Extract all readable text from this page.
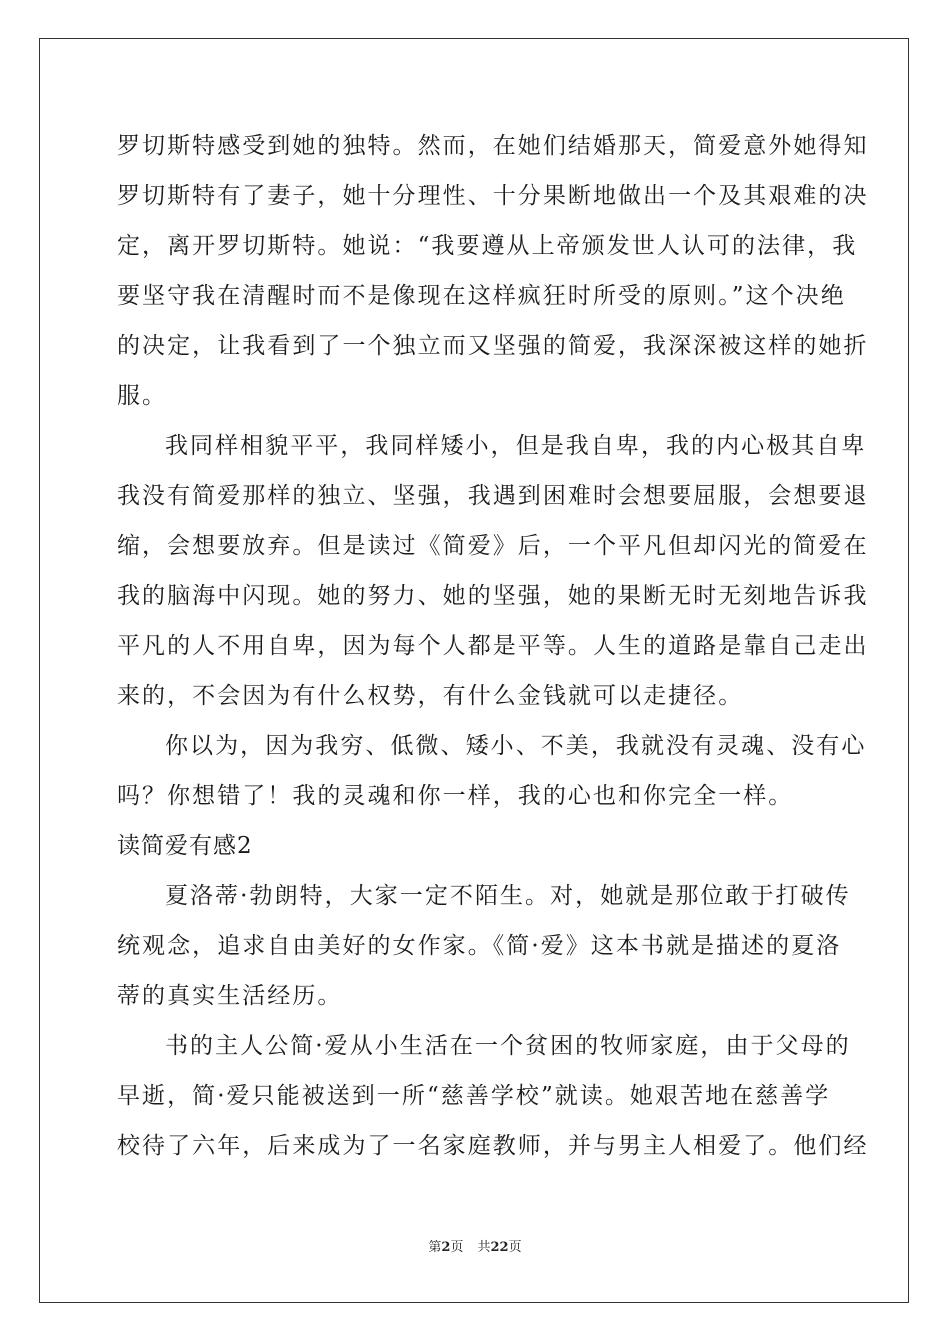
罗切斯特感受到她的独特。然而，在她们结婚那天，简爱意外她得知
罗切斯特有了妻子，她十分理性、十分果断地做出一个及其艰难的决
定，离开罗切斯特。她说：“我要遵从上帝颁发世人认可的法律，我
要坚守我在清醒时而不是像现在这样疯狂时所受的原则。”这个决绝
的决定，让我看到了一个独立而又坚强的简爱，我深深被这样的她折
服。
我同样相貌平平，我同样矮小，但是我自卑，我的内心极其自卑
我没有简爱那样的独立、坚强，我遇到困难时会想要屈服，会想要退
缩，会想要放弃。但是读过《简爱》后，一个平凡但却闪光的简爱在
我的脑海中闪现。她的努力、她的坚强，她的果断无时无刻地告诉我
平凡的人不用自卑，因为每个人都是平等。人生的道路是靠自己走出
来的，不会因为有什么权势，有什么金钱就可以走捷径。
你以为，因为我穷、低微、矮小、不美，我就没有灵魂、没有心
吗？你想错了！我的灵魂和你一样，我的心也和你完全一样。
读简爱有感2
夏洛蒂·勃朗特，大家一定不陌生。对，她就是那位敢于打破传
统观念，追求自由美好的女作家。《简·爱》这本书就是描述的夏洛
蒂的真实生活经历。
书的主人公简·爱从小生活在一个贫困的牧师家庭，由于父母的
早逝，简·爱只能被送到一所“慈善学校”就读。她艰苦地在慈善学
校待了六年，后来成为了一名家庭教师，并与男主人相爱了。他们经
第2页 共22页
